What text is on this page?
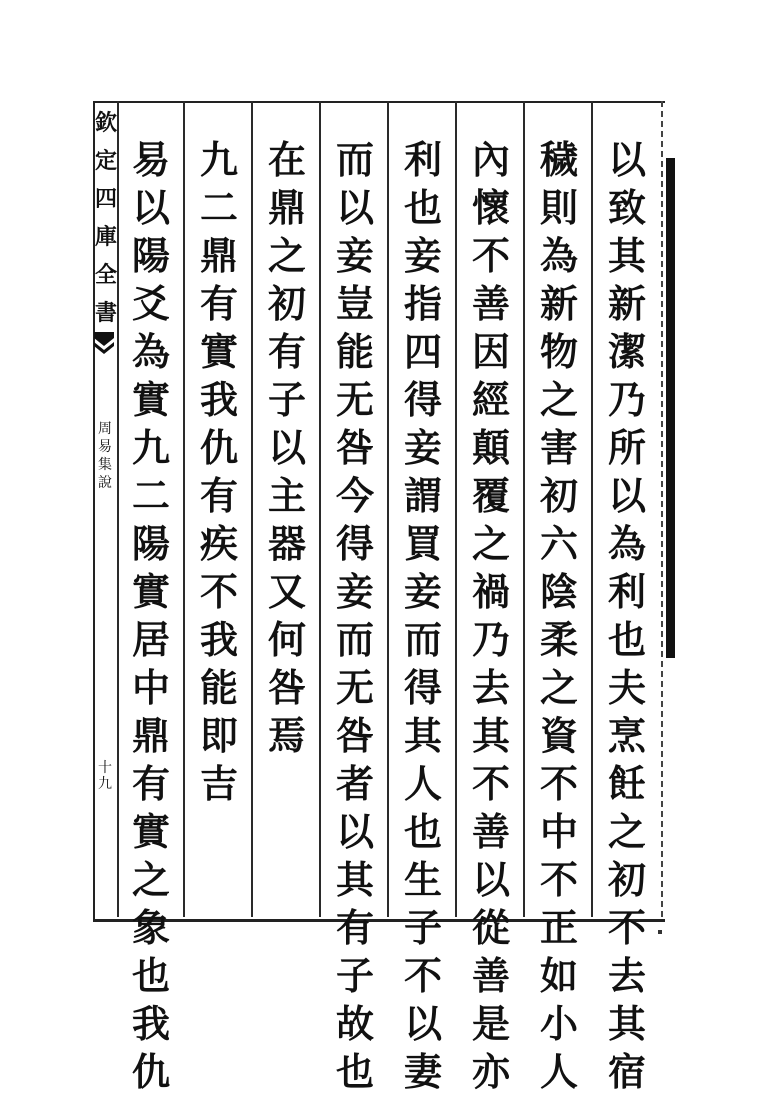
欽
定
四
庫
全
書
周
易
集
說
十
九
以
致
其
新
潔
乃
所
以
為
利
也
夫
烹
飪
之
初
不
去
其
宿
穢
則
為
新
物
之
害
初
六
陰
柔
之
資
不
中
不
正
如
小
人
內
懷
不
善
因
經
顛
覆
之
禍
乃
去
其
不
善
以
從
善
是
亦
利
也
妾
指
四
得
妾
謂
買
妾
而
得
其
人
也
生
子
不
以
妻
而
以
妾
豈
能
无
咎
今
得
妾
而
无
咎
者
以
其
有
子
故
也
在
鼎
之
初
有
子
以
主
器
又
何
咎
焉
九
二
鼎
有
實
我
仇
有
疾
不
我
能
即
吉
易
以
陽
爻
為
實
九
二
陽
實
居
中
鼎
有
實
之
象
也
我
仇
